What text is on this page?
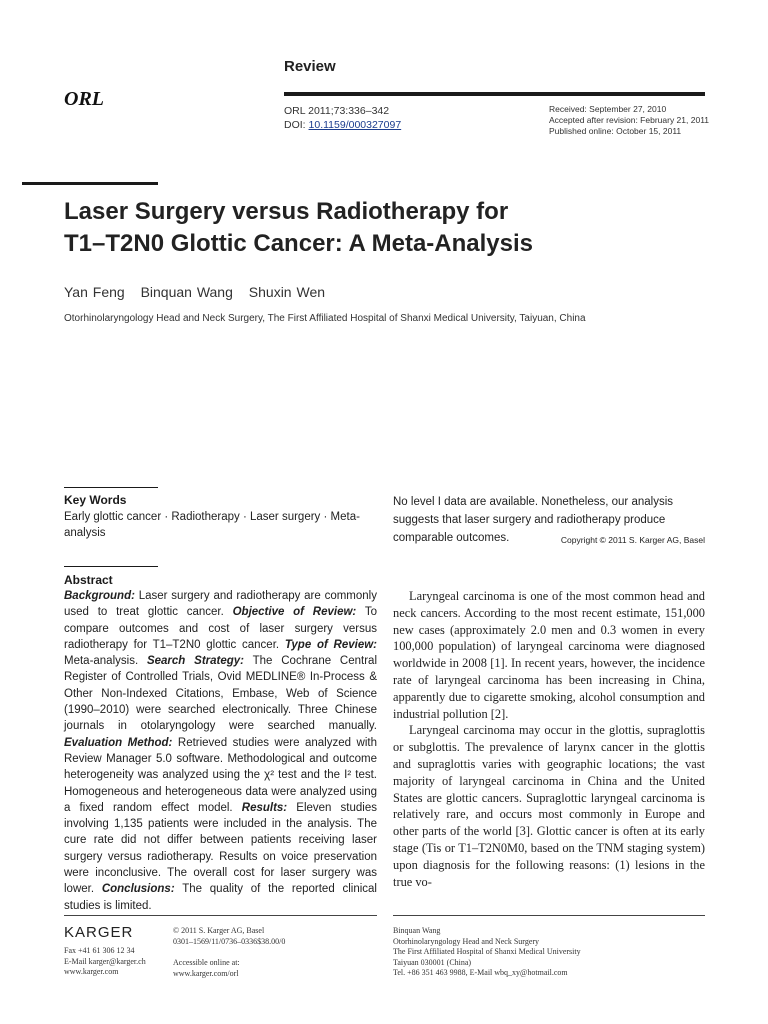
Review
ORL
ORL 2011;73:336–342
DOI: 10.1159/000327097
Received: September 27, 2010
Accepted after revision: February 21, 2011
Published online: October 15, 2011
Laser Surgery versus Radiotherapy for
T1–T2N0 Glottic Cancer: A Meta-Analysis
Yan Feng Binquan Wang Shuxin Wen
Otorhinolaryngology Head and Neck Surgery, The First Affiliated Hospital of Shanxi Medical University, Taiyuan, China
Key Words
Early glottic cancer · Radiotherapy · Laser surgery · Meta-analysis
No level I data are available. Nonetheless, our analysis suggests that laser surgery and radiotherapy produce comparable outcomes.	Copyright © 2011 S. Karger AG, Basel
Abstract
Background: Laser surgery and radiotherapy are commonly used to treat glottic cancer. Objective of Review: To compare outcomes and cost of laser surgery versus radiotherapy for T1–T2N0 glottic cancer. Type of Review: Meta-analysis. Search Strategy: The Cochrane Central Register of Controlled Trials, Ovid MEDLINE® In-Process & Other Non-Indexed Citations, Embase, Web of Science (1990–2010) were searched electronically. Three Chinese journals in otolaryngology were searched manually. Evaluation Method: Retrieved studies were analyzed with Review Manager 5.0 software. Methodological and outcome heterogeneity was analyzed using the χ² test and the I² test. Homogeneous and heterogeneous data were analyzed using a fixed random effect model. Results: Eleven studies involving 1,135 patients were included in the analysis. The cure rate did not differ between patients receiving laser surgery versus radiotherapy. Results on voice preservation were inconclusive. The overall cost for laser surgery was lower. Conclusions: The quality of the reported clinical studies is limited.

Laryngeal carcinoma is one of the most common head and neck cancers. According to the most recent estimate, 151,000 new cases (approximately 2.0 men and 0.3 women in every 100,000 population) of laryngeal carcinoma were diagnosed worldwide in 2008 [1]. In recent years, however, the incidence rate of laryngeal carcinoma has been increasing in China, apparently due to cigarette smoking, alcohol consumption and industrial pollution [2].

Laryngeal carcinoma may occur in the glottis, supraglottis or subglottis. The prevalence of larynx cancer in the glottis and supraglottis varies with geographic locations; the vast majority of laryngeal carcinoma in China and the United States are glottic cancers. Supraglottic laryngeal carcinoma is relatively rare, and occurs most commonly in Europe and other parts of the world [3]. Glottic cancer is often at its early stage (Tis or T1–T2N0M0, based on the TNM staging system) upon diagnosis for the following reasons: (1) lesions in the true vo-

KARGER
Fax +41 61 306 12 34
E-Mail karger@karger.ch
www.karger.com
© 2011 S. Karger AG, Basel
0301–1569/11/0736–0336$38.00/0
Accessible online at:
www.karger.com/orl
Binquan Wang
Otorhinolaryngology Head and Neck Surgery
The First Affiliated Hospital of Shanxi Medical University
Taiyuan 030001 (China)
Tel. +86 351 463 9988, E-Mail wbq_xy@hotmail.com
